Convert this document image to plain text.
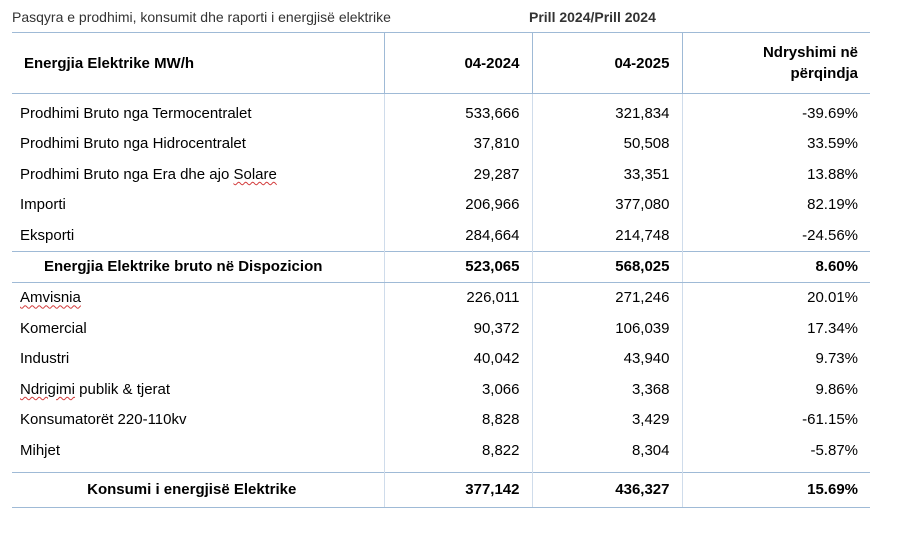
Pasqyra e prodhimi, konsumit dhe raporti i energjisë elektrike	Prill 2024/Prill 2024
Energjia Elektrike MW/h	04-2024	04-2025	Ndryshimi në
përqindja
Prodhimi Bruto nga Termocentralet	533,666	321,834	-39.69%
Prodhimi Bruto nga Hidrocentralet	37,810	50,508	33.59%
Prodhimi Bruto nga Era dhe ajo Solare	29,287	33,351	13.88%
Importi	206,966	377,080	82.19%
Eksporti	284,664	214,748	-24.56%
Energjia Elektrike bruto në Dispozicion	523,065	568,025	8.60%
Amvisnia	226,011	271,246	20.01%
Komercial	90,372	106,039	17.34%
Industri	40,042	43,940	9.73%
Ndrigimi publik & tjerat	3,066	3,368	9.86%
Konsumatorët 220-110kv	8,828	3,429	-61.15%
Mihjet	8,822	8,304	-5.87%

Konsumi i energjisë Elektrike	377,142	436,327	15.69%
